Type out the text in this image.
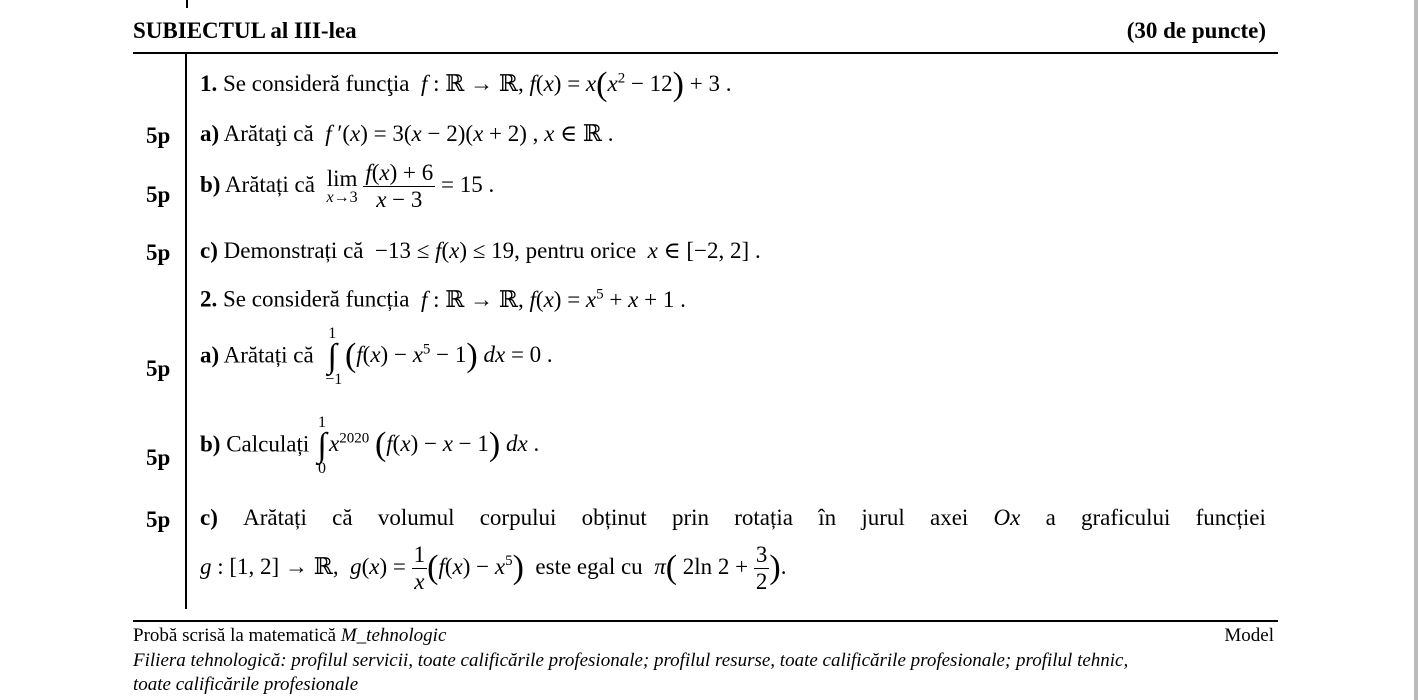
SUBIECTUL al III-lea	(30 de puncte)
1. Se consideră funcţia f : ℝ → ℝ, $f(x) = x(x^2 - 12) + 3$ .
5p a) Arătaţi că f ′(x) = 3(x − 2)(x + 2) , x ∈ ℝ .
5p b) Arătați că lim
x→3
$\frac{f(x) + 6}{x - 3} = 15$ .
5p c) Demonstrați că  −13 ≤ f(x) ≤ 19, pentru orice  x ∈ [−2, 2] .
2. Se consideră funcția f : ℝ → ℝ, $f(x) = x^5 + x + 1$ .
5p
a) Arătați că
1
∫
−1
$(f(x) - x^5 - 1)$ dx = 0 .
5p
b) Calculați
1
∫
0
$x^{2020}$ (f(x) − x − 1) dx .
5p c) Arătați că volumul corpului obținut prin rotația în jurul axei Ox a graficului funcției
g : [1, 2] → ℝ,  $g(x) = \frac{1}{x} (f(x) - x^5)$  este egal cu  π( 2ln $2 + \frac{3}{2}$ ).
Probă scrisă la matematică M_tehnologic	Model
Filiera tehnologică: profilul servicii, toate calificările profesionale; profilul resurse, toate calificările profesionale; profilul tehnic,
toate calificările profesionale
